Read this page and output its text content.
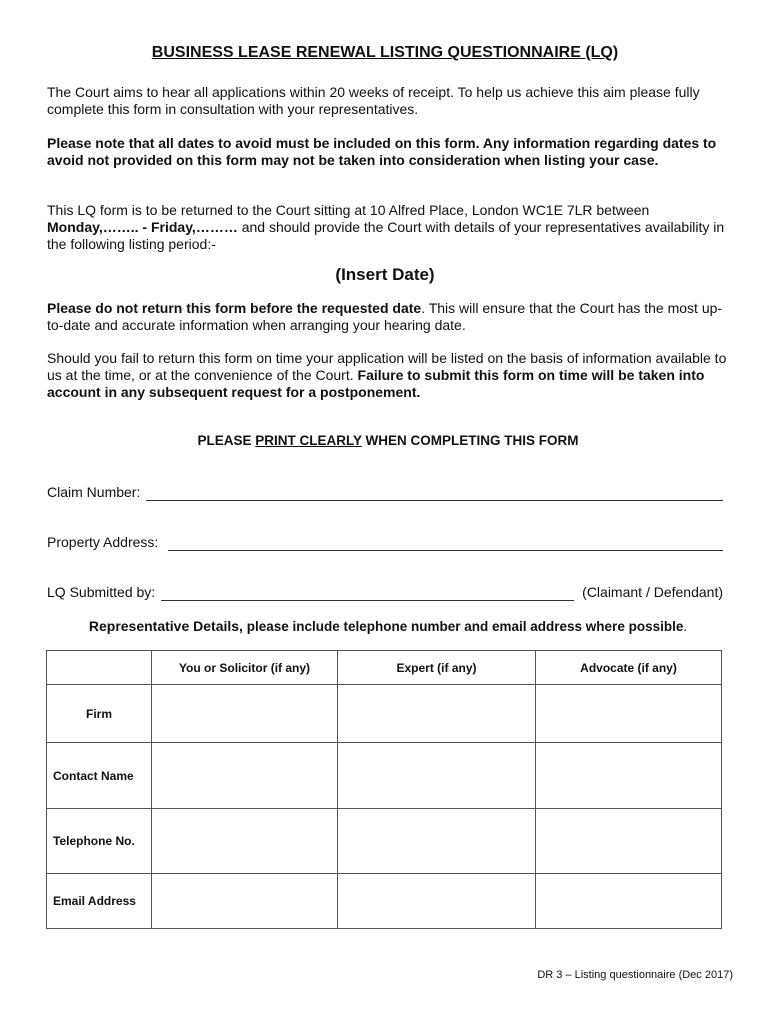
BUSINESS LEASE RENEWAL LISTING QUESTIONNAIRE (LQ)
The Court aims to hear all applications within 20 weeks of receipt. To help us achieve this aim please fully complete this form in consultation with your representatives.
Please note that all dates to avoid must be included on this form. Any information regarding dates to avoid not provided on this form may not be taken into consideration when listing your case.
This LQ form is to be returned to the Court sitting at 10 Alfred Place, London WC1E 7LR between Monday,…….. - Friday,……… and should provide the Court with details of your representatives availability in the following listing period:-
(Insert Date)
Please do not return this form before the requested date. This will ensure that the Court has the most up-to-date and accurate information when arranging your hearing date.
Should you fail to return this form on time your application will be listed on the basis of information available to us at the time, or at the convenience of the Court. Failure to submit this form on time will be taken into account in any subsequent request for a postponement.
PLEASE PRINT CLEARLY WHEN COMPLETING THIS FORM
Claim Number:
Property Address:
LQ Submitted by:	(Claimant / Defendant)
Representative Details, please include telephone number and email address where possible.
	You or Solicitor (if any)	Expert (if any)	Advocate (if any)
Firm			
Contact Name			
Telephone No.			
Email Address			
DR 3 – Listing questionnaire (Dec 2017)
